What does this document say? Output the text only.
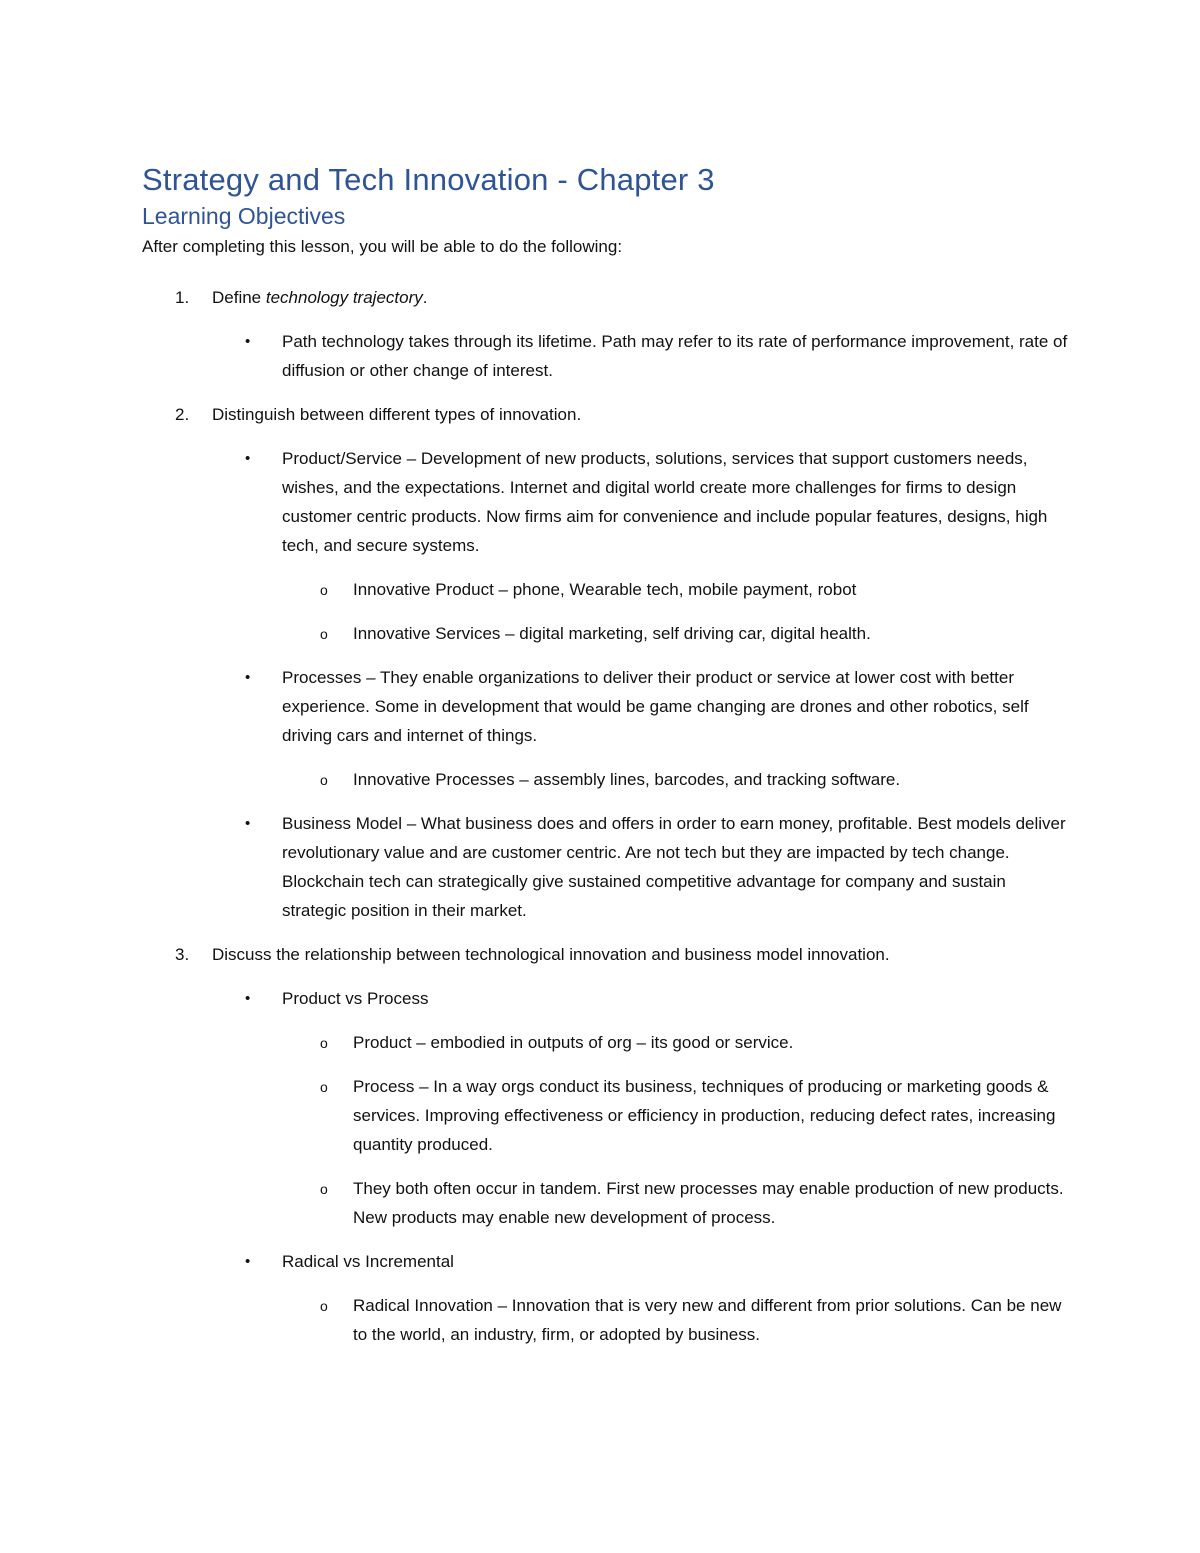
Strategy and Tech Innovation - Chapter 3
Learning Objectives

After completing this lesson, you will be able to do the following:

1. Define technology trajectory.
• Path technology takes through its lifetime. Path may refer to its rate of performance improvement, rate of diffusion or other change of interest.
2. Distinguish between different types of innovation.
• Product/Service – Development of new products, solutions, services that support customers needs, wishes, and the expectations. Internet and digital world create more challenges for firms to design customer centric products. Now firms aim for convenience and include popular features, designs, high tech, and secure systems.
o Innovative Product – phone, Wearable tech, mobile payment, robot
o Innovative Services – digital marketing, self driving car, digital health.
• Processes – They enable organizations to deliver their product or service at lower cost with better experience. Some in development that would be game changing are drones and other robotics, self driving cars and internet of things.
o Innovative Processes – assembly lines, barcodes, and tracking software.
• Business Model – What business does and offers in order to earn money, profitable. Best models deliver revolutionary value and are customer centric. Are not tech but they are impacted by tech change. Blockchain tech can strategically give sustained competitive advantage for company and sustain strategic position in their market.
3. Discuss the relationship between technological innovation and business model innovation.
• Product vs Process
o Product – embodied in outputs of org – its good or service.
o Process – In a way orgs conduct its business, techniques of producing or marketing goods & services. Improving effectiveness or efficiency in production, reducing defect rates, increasing quantity produced.
o They both often occur in tandem. First new processes may enable production of new products. New products may enable new development of process.
• Radical vs Incremental
o Radical Innovation – Innovation that is very new and different from prior solutions. Can be new to the world, an industry, firm, or adopted by business.
